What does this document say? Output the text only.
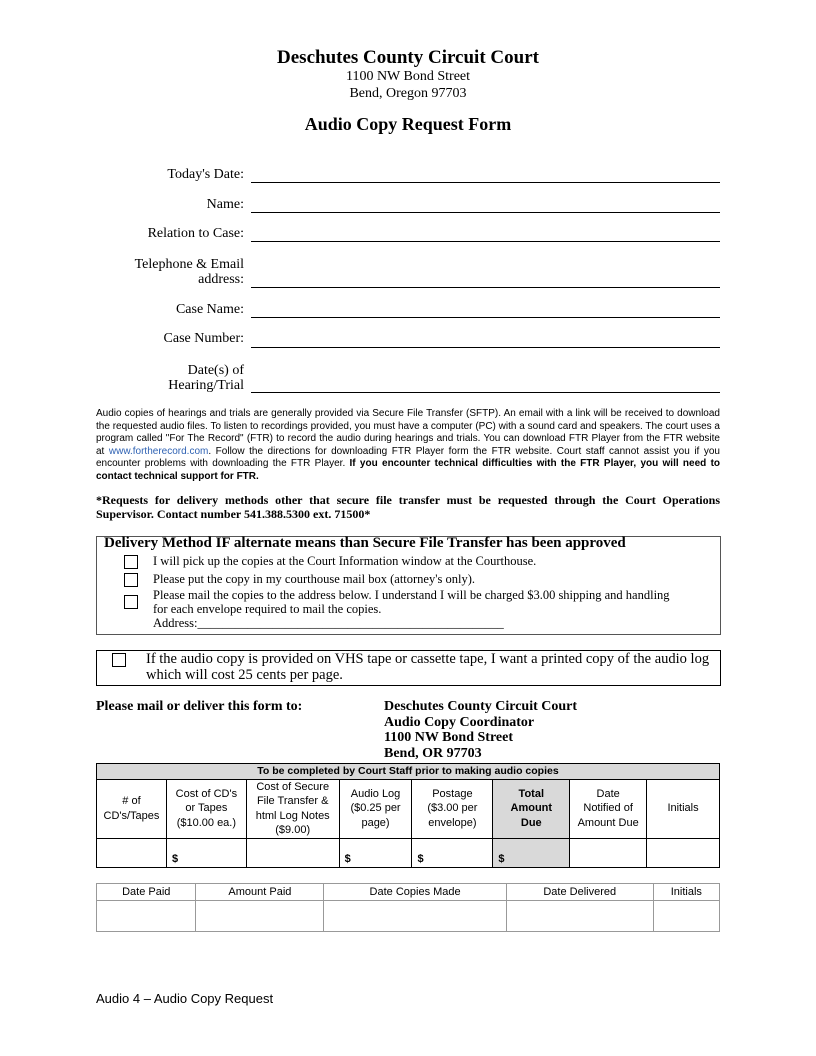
Deschutes County Circuit Court
1100 NW Bond Street
Bend, Oregon 97703
Audio Copy Request Form
Today's Date:
Name:
Relation to Case:
Telephone & Email
address:
Case Name:
Case Number:
Date(s) of
Hearing/Trial
Audio copies of hearings and trials are generally provided via Secure File Transfer (SFTP). An email with a link will be received to download the requested audio files. To listen to recordings provided, you must have a computer (PC) with a sound card and speakers. The court uses a program called "For The Record" (FTR) to record the audio during hearings and trials. You can download FTR Player from the FTR website at www.fortherecord.com. Follow the directions for downloading FTR Player form the FTR website. Court staff cannot assist you if you encounter problems with downloading the FTR Player. If you encounter technical difficulties with the FTR Player, you will need to contact technical support for FTR.
*Requests for delivery methods other that secure file transfer must be requested through the Court Operations Supervisor. Contact number 541.388.5300 ext. 71500*
Delivery Method IF alternate means than Secure File Transfer has been approved
I will pick up the copies at the Court Information window at the Courthouse.
Please put the copy in my courthouse mail box (attorney's only).
Please mail the copies to the address below. I understand I will be charged $3.00 shipping and handling
for each envelope required to mail the copies.
Address:_________________________________________________
If the audio copy is provided on VHS tape or cassette tape, I want a printed copy of the audio log which will cost 25 cents per page.
Please mail or deliver this form to:	Deschutes County Circuit Court
Audio Copy Coordinator
1100 NW Bond Street
Bend, OR 97703
To be completed by Court Staff prior to making audio copies							
# of
CD's/Tapes	Cost of CD's
or Tapes
($10.00 ea.)	Cost of Secure
File Transfer &
html Log Notes
($9.00)	Audio Log
($0.25 per
page)	Postage
($3.00 per
envelope)	Total
Amount
Due	Date
Notified of
Amount Due	Initials
	$		$	$	$		
Date Paid	Amount Paid	Date Copies Made	Date Delivered	Initials

Audio 4 – Audio Copy Request
